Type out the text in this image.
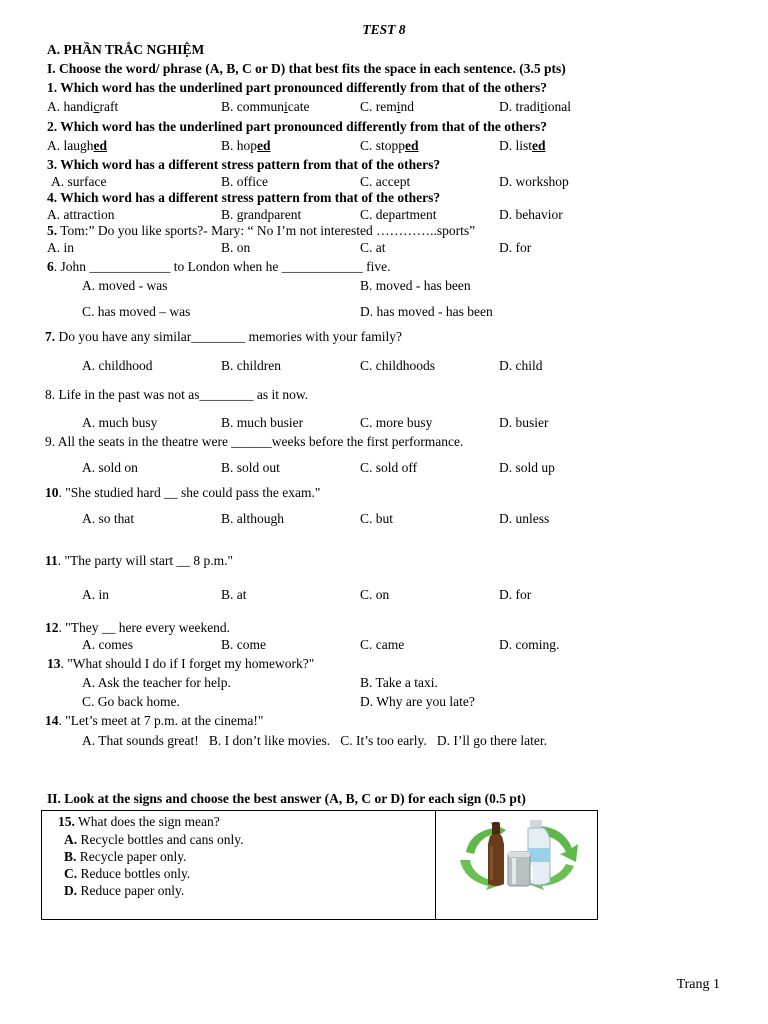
TEST 8
A. PHẦN TRẮC NGHIỆM
I. Choose the word/ phrase (A, B, C or D) that best fits the space in each sentence. (3.5 pts)
1. Which word has the underlined part pronounced differently from that of the others?
A. handicraft	B. communicate	C. remind	D. traditional
2. Which word has the underlined part pronounced differently from that of the others?
A. laughed	B. hoped	C. stopped	D. listed
3. Which word has a different stress pattern from that of the others?
A. surface	B. office	C. accept	D. workshop
4. Which word has a different stress pattern from that of the others?
A. attraction	B. grandparent	C. department	D. behavior
5. Tom:” Do you like sports?- Mary: “ No I’m not interested …………..sports”
A. in	B. on	C. at	D. for
6. John ____________ to London when he ____________ five.
A. moved - was	B. moved - has been
C. has moved – was	D. has moved - has been
7. Do you have any similar________ memories with your family?
A. childhood	B. children	C. childhoods	D. child
8. Life in the past was not as________ as it now.
A. much busy	B. much busier	C. more busy	D. busier
9. All the seats in the theatre were ______weeks before the first performance.
A. sold on	B. sold out	C. sold off	D. sold up
10. "She studied hard __ she could pass the exam."
A. so that	B. although	C. but	D. unless
11. "The party will start __ 8 p.m."
A. in	B. at	C. on	D. for
12. "They __ here every weekend.
A. comes	B. come	C. came	D. coming.
13. "What should I do if I forget my homework?"
A. Ask the teacher for help.	B. Take a taxi.
C. Go back home.	D. Why are you late?
14. "Let’s meet at 7 p.m. at the cinema!"
A. That sounds great!   B. I don’t like movies.   C. It’s too early.   D. I’ll go there later.
II. Look at the signs and choose the best answer (A, B, C or D) for each sign (0.5 pt)
15. What does the sign mean?
A. Recycle bottles and cans only.
B. Recycle paper only.
C. Reduce bottles only.
D. Reduce paper only.
Trang 1
